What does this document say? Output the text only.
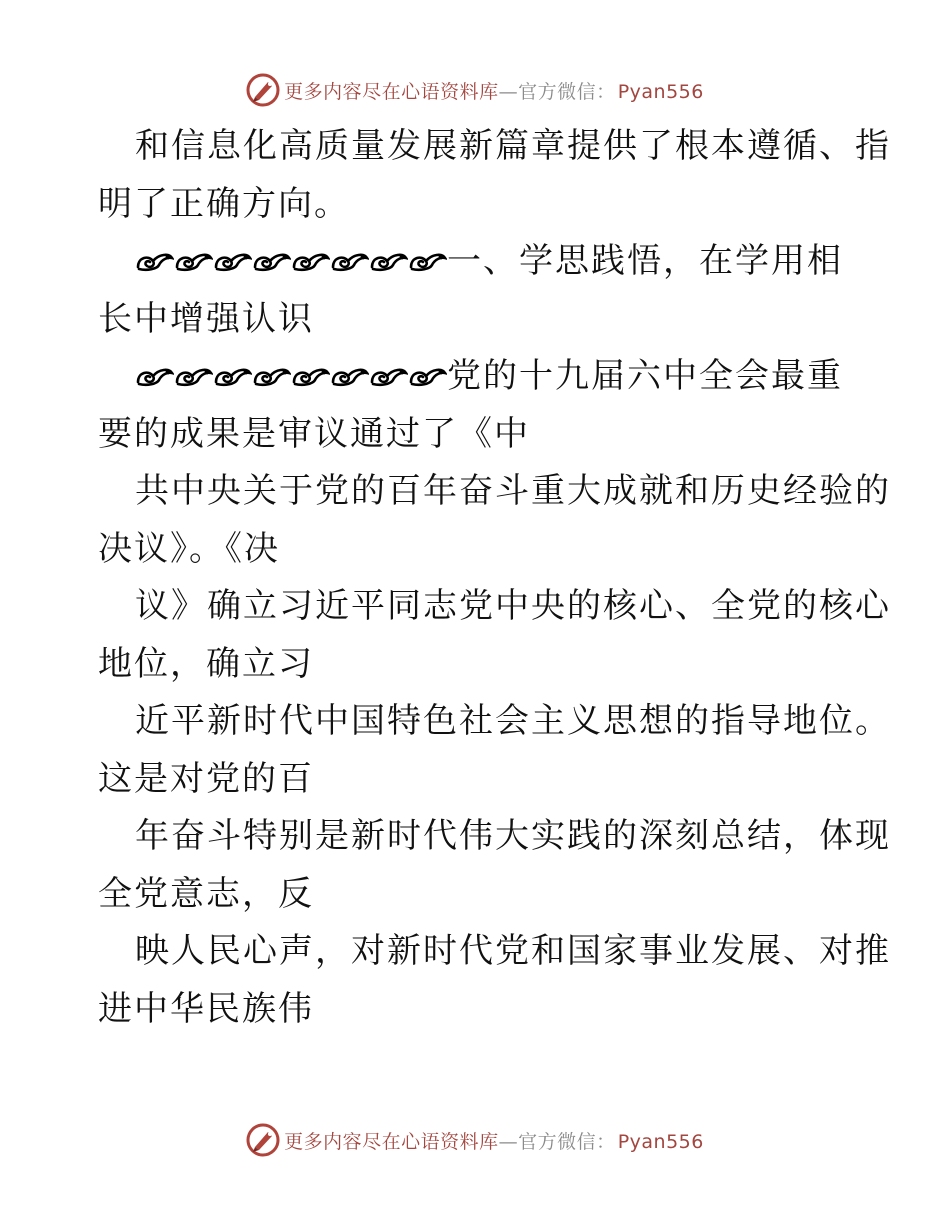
更多内容尽在心语资料库—官方微信： Pyan556
和信息化高质量发展新篇章提供了根本遵循、指
明了正确方向。
一、学思践悟，在学用相
长中增强认识
党的十九届六中全会最重
要的成果是审议通过了《中
共中央关于党的百年奋斗重大成就和历史经验的
决议》。《决
议》确立习近平同志党中央的核心、全党的核心
地位，确立习
近平新时代中国特色社会主义思想的指导地位。
这是对党的百
年奋斗特别是新时代伟大实践的深刻总结，体现
全党意志，反
映人民心声，对新时代党和国家事业发展、对推
进中华民族伟
更多内容尽在心语资料库—官方微信： Pyan556
